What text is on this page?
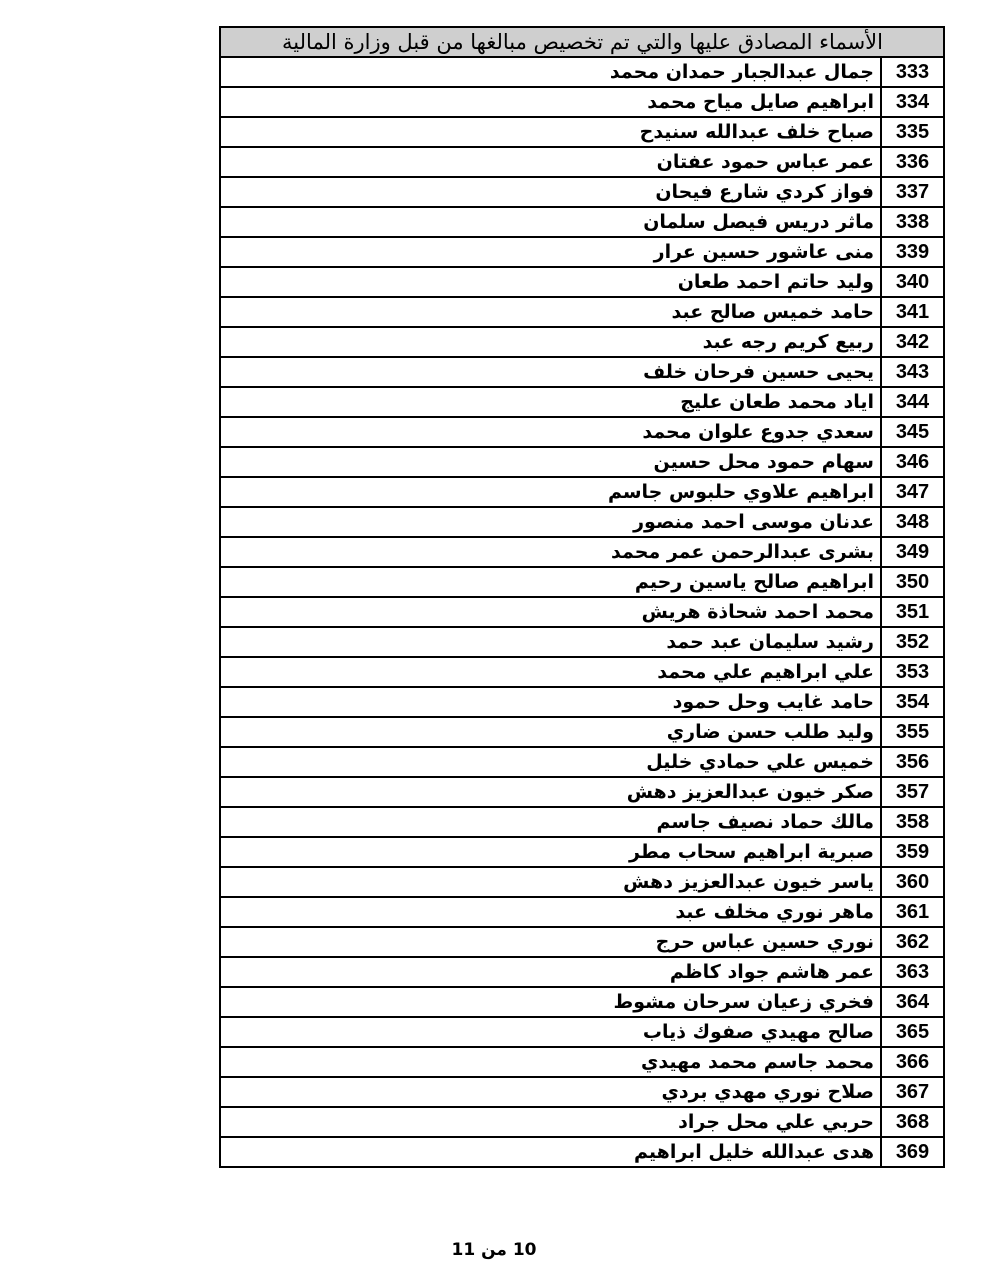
الأسماء المصادق عليها والتي تم تخصيص مبالغها من قبل وزارة المالية
333
جمال عبدالجبار حمدان محمد
334
ابراهيم صايل مياح محمد
335
صباح خلف عبدالله سنيدح
336
عمر عباس حمود عفتان
337
فواز كردي شارع فيحان
338
ماثر دريس فيصل سلمان
339
منى عاشور حسين عرار
340
وليد حاتم احمد طعان
341
حامد خميس صالح عبد
342
ربيع كريم رجه عبد
343
يحيى حسين فرحان خلف
344
اياد محمد طعان عليج
345
سعدي جدوع علوان محمد
346
سهام حمود محل حسين
347
ابراهيم علاوي حلبوس جاسم
348
عدنان موسى احمد منصور
349
بشرى عبدالرحمن عمر محمد
350
ابراهيم صالح ياسين رحيم
351
محمد احمد شحاذة هريش
352
رشيد سليمان عبد حمد
353
علي ابراهيم علي محمد
354
حامد غايب وحل حمود
355
وليد طلب حسن ضاري
356
خميس علي حمادي خليل
357
صكر خيون عبدالعزيز دهش
358
مالك حماد نصيف جاسم
359
صبرية ابراهيم سحاب مطر
360
ياسر خيون عبدالعزيز دهش
361
ماهر نوري مخلف عبد
362
نوري حسين عباس حرج
363
عمر هاشم جواد كاظم
364
فخري زعيان سرحان مشوط
365
صالح مهيدي صفوك ذياب
366
محمد جاسم محمد مهيدي
367
صلاح نوري مهدي بردي
368
حربي علي محل جراد
369
هدى عبدالله خليل ابراهيم
10 من 11
